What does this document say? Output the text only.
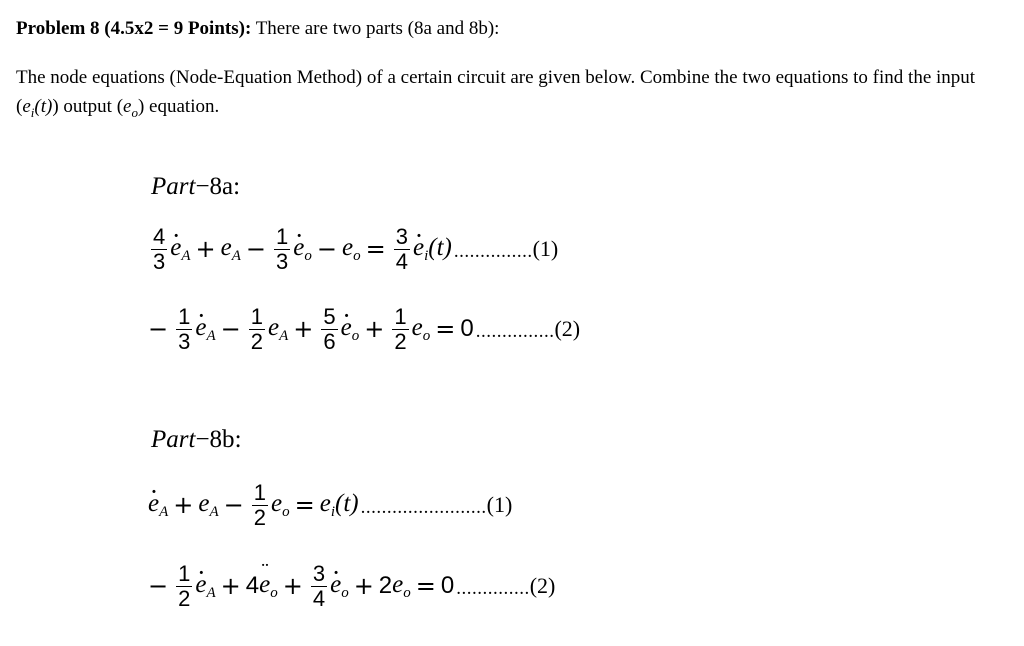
Problem 8 (4.5x2 = 9 Points): There are two parts (8a and 8b):
The node equations (Node-Equation Method) of a certain circuit are given below. Combine the two equations to find the input $(e_i(t))$ output $(e_o)$ equation.
Part−8a:
$\frac{4}{3}$
· $e_A + e_A - \frac{1}{3}$
· $e_o - e_o = \frac{3}{4}$
· $e_i(t)$ ............... (1)
− $\frac{1}{3}$
· $e_A - \frac{1}{2} e_A + \frac{5}{6}$
· $e_o + \frac{1}{2} e_o = 0$ ............... (2)
Part−8b:
· $e_A + e_A - \frac{1}{2} e_o = e_i(t)$ ........................ (1)
− $\frac{1}{2}$
· $e_A + 4$
¨ $e_o + \frac{3}{4}$
· $e_o + 2$ $e_o = 0$ .............. (2)
